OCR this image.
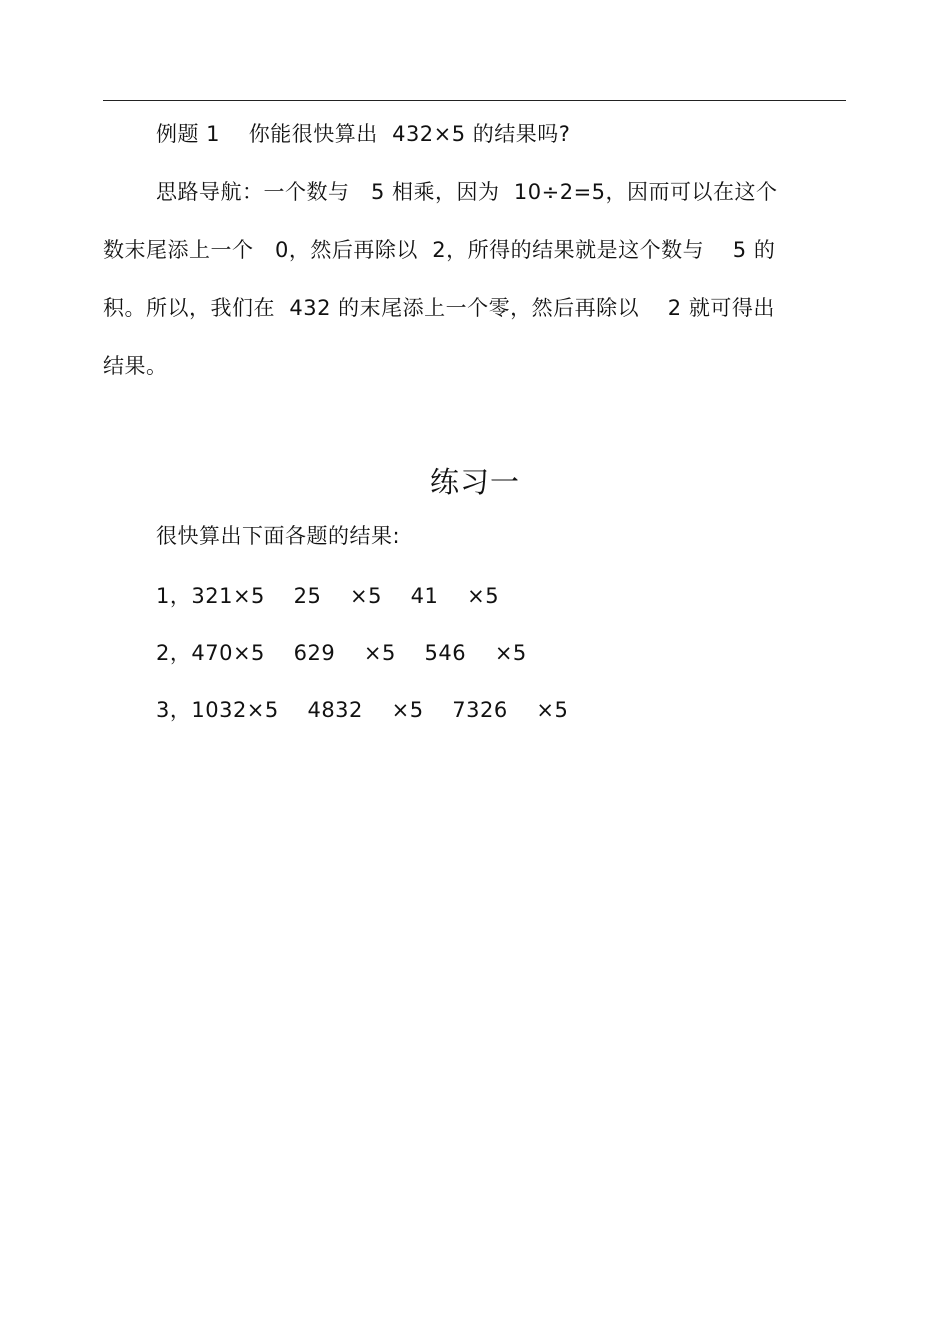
例题 1    你能很快算出  432×5 的结果吗?
思路导航：一个数与   5 相乘，因为  10÷2=5，因而可以在这个
数末尾添上一个   0，然后再除以  2，所得的结果就是这个数与    5 的
积。所以，我们在  432 的末尾添上一个零，然后再除以    2 就可得出
结果。
练习一
很快算出下面各题的结果:
1，321×5    25    ×5    41    ×5
2，470×5    629    ×5    546    ×5
3，1032×5    4832    ×5    7326    ×5
